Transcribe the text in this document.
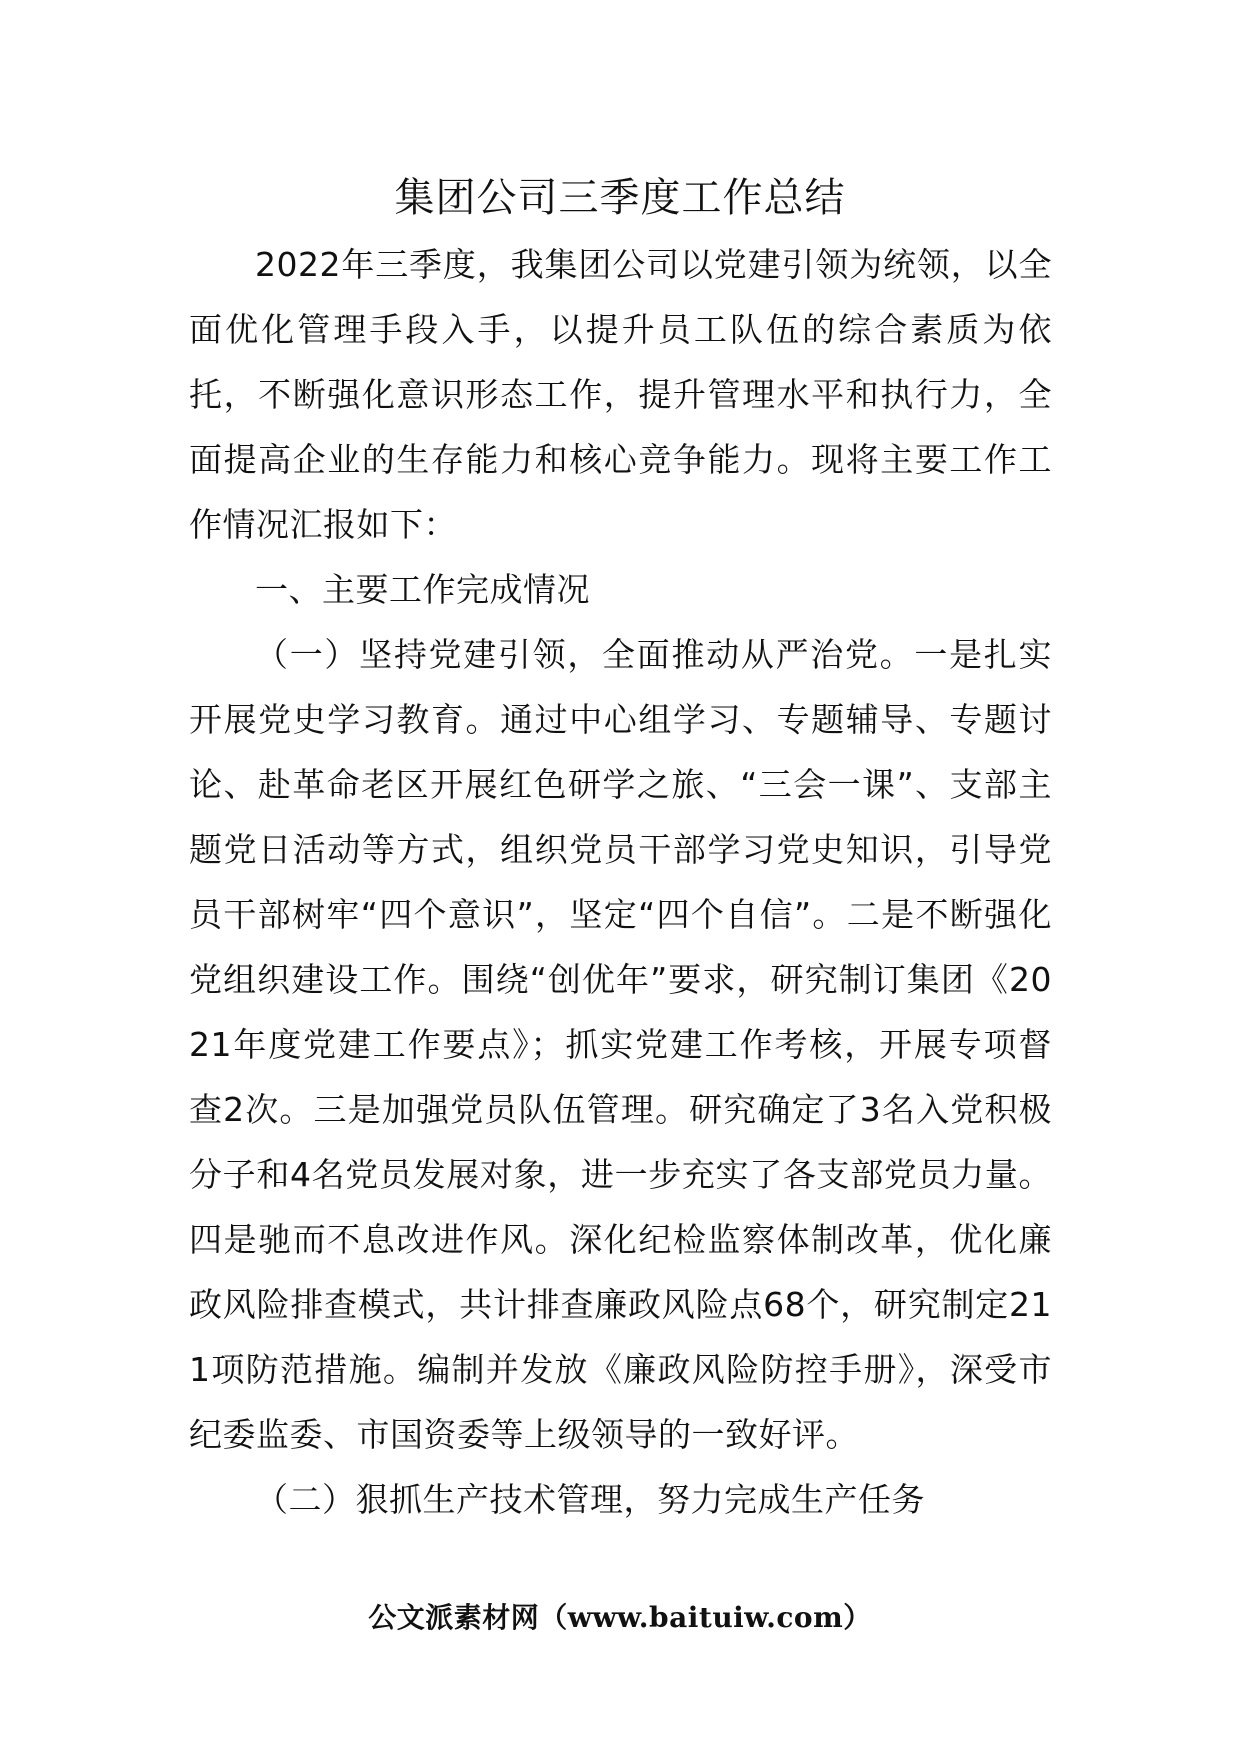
集团公司三季度工作总结

2022年三季度，我集团公司以党建引领为统领，以全面优化管理手段入手，以提升员工队伍的综合素质为依托，不断强化意识形态工作，提升管理水平和执行力，全面提高企业的生存能力和核心竞争能力。现将主要工作工作情况汇报如下：

一、主要工作完成情况

（一）坚持党建引领，全面推动从严治党。一是扎实开展党史学习教育。通过中心组学习、专题辅导、专题讨论、赴革命老区开展红色研学之旅、“三会一课”、支部主题党日活动等方式，组织党员干部学习党史知识，引导党员干部树牢“四个意识”，坚定“四个自信”。二是不断强化党组织建设工作。围绕“创优年”要求，研究制订集团《2021年度党建工作要点》；抓实党建工作考核，开展专项督查2次。三是加强党员队伍管理。研究确定了3名入党积极分子和4名党员发展对象，进一步充实了各支部党员力量。四是驰而不息改进作风。深化纪检监察体制改革，优化廉政风险排查模式，共计排查廉政风险点68个，研究制定211项防范措施。编制并发放《廉政风险防控手册》，深受市纪委监委、市国资委等上级领导的一致好评。

（二）狠抓生产技术管理，努力完成生产任务

公文派素材网（www.baituiw.com）
